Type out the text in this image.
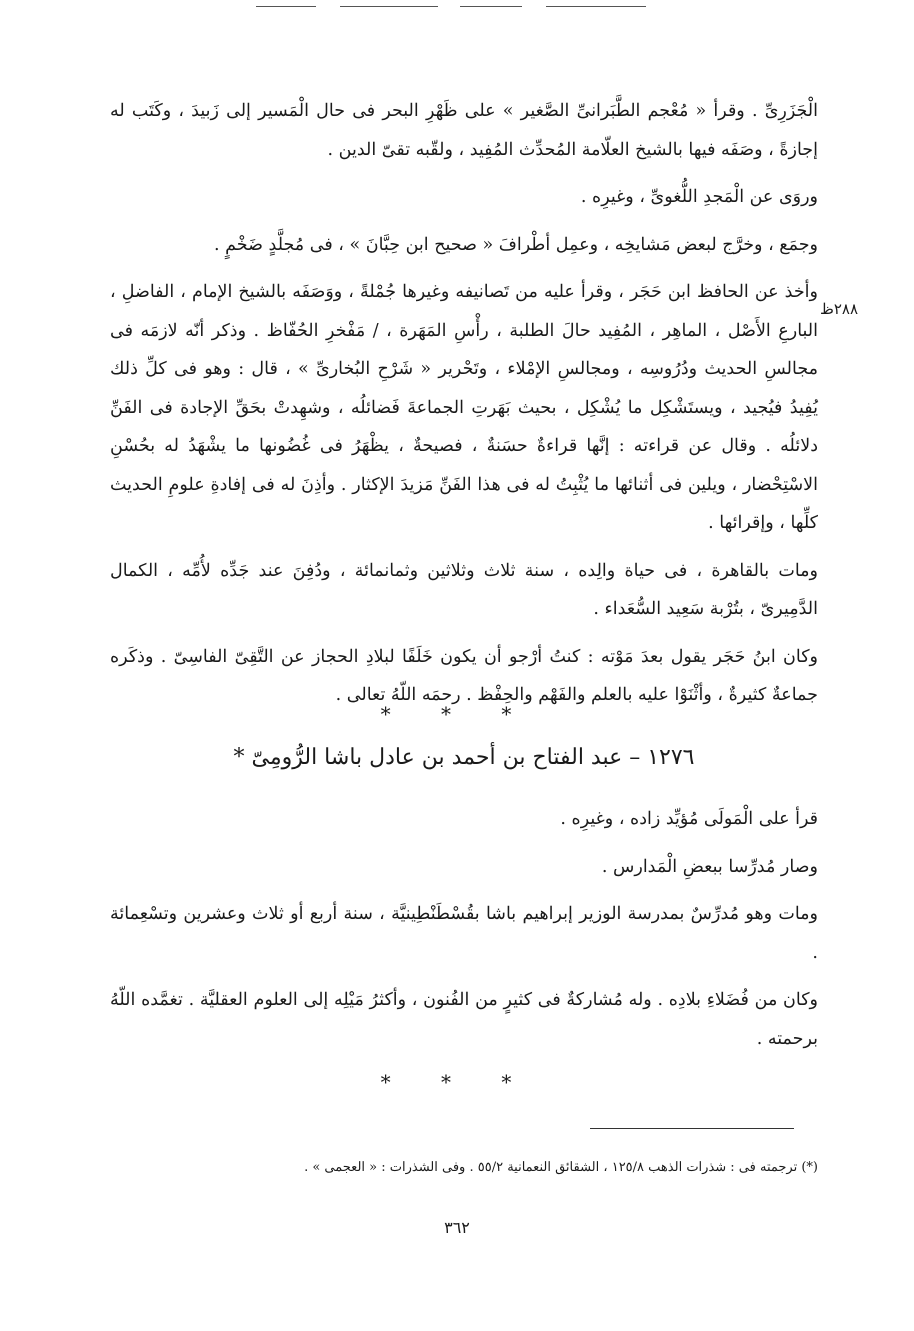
٢٨٨ظ

الْجَزَرِىِّ . وقرأ « مُعْجم الطَّبَرانىِّ الصَّغير » على ظَهْرِ البحر فى حال الْمَسير إلى زَبيدَ ، وكَتَب له إجازةً ، وصَفَه فيها بالشيخ العلّامة المُحدِّث المُفِيد ، ولقّبه تقىّ الدين .

وروَى عن الْمَجدِ اللُّغوىِّ ، وغيرِه .

وجمَع ، وخرَّج لبعض مَشايخِه ، وعمِل أطْرافَ « صحيح ابن حِبَّانَ » ، فى مُجلَّدٍ ضَخْمٍ .

وأخذ عن الحافظ ابن حَجَر ، وقرأ عليه من تَصانيفه وغيرها جُمْلةً ، ووَصَفَه بالشيخ الإمام ، الفاضلِ ، البارعِ الأَصْل ، الماهِر ، المُفِيد حالَ الطلبة ، رأْسِ المَهَرة ، / مَفْخرِ الحُفّاظ . وذكر أنّه لازمَه فى مجالسِ الحديث ودُرُوسِه ، ومجالسِ الإمْلاء ، وتَحْرير « شَرْحِ البُخارىِّ » ، قال : وهو فى كلِّ ذلك يُفِيدُ فيُجيد ، ويستَشْكِل ما يُشْكِل ، بحيث بَهَرتِ الجماعةَ فَضائلُه ، وشهِدتْ بحَقِّ الإجادة فى الفَنِّ دلائلُه . وقال عن قراءته : إنَّها قراءةٌ حسَنةٌ ، فصيحةٌ ، يظْهَرُ فى غُضُونها ما يشْهَدُ له بحُسْنِ الاسْتِحْضار ، ويلين فى أثنائها ما يُثْبِتُ له فى هذا الفَنِّ مَزيدَ الإكثار . وأذِنَ له فى إفادةِ علومِ الحديث كلِّها ، وإقرائها .

ومات بالقاهرة ، فى حياة والِده ، سنة ثلاث وثلاثين وثمانمائة ، ودُفِنَ عند جَدِّه لأُمِّه ، الكمال الدَّمِيرىّ ، بتُرْبة سَعِيد السُّعَداء .

وكان ابنُ حَجَر يقول بعدَ مَوْته : كنتُ أرْجو أن يكون خَلَفًا لبلادِ الحجاز عن التَّقِىّ الفاسِىّ . وذكَره جماعةٌ كثيرةٌ ، وأثْنَوْا عليه بالعلم والفَهْم والحِفْظ . رحمَه اللّهُ تعالى .

* * *
١٢٧٦ – عبد الفتاح بن أحمد بن عادل باشا الرُّومِىّ *

قرأ على الْمَولَى مُؤيِّد زاده ، وغيرِه .

وصار مُدرِّسا ببعضِ الْمَدارس .

ومات وهو مُدرِّسٌ بمدرسة الوزير إبراهيم باشا بقُسْطَنْطِينيَّة ، سنة أربع أو ثلاث وعشرين وتسْعِمائة .

وكان من فُضَلاءِ بلادِه . وله مُشاركةٌ فى كثيرٍ من الفُنون ، وأكثرُ مَيْلِه إلى العلوم العقليَّة . تغمَّده اللّهُ برحمته .

* * *
(*) ترجمته فى : شذرات الذهب ١٢٥/٨ ، الشقائق النعمانية ٥٥/٢ . وفى الشذرات : « العجمى » .
٣٦٢
